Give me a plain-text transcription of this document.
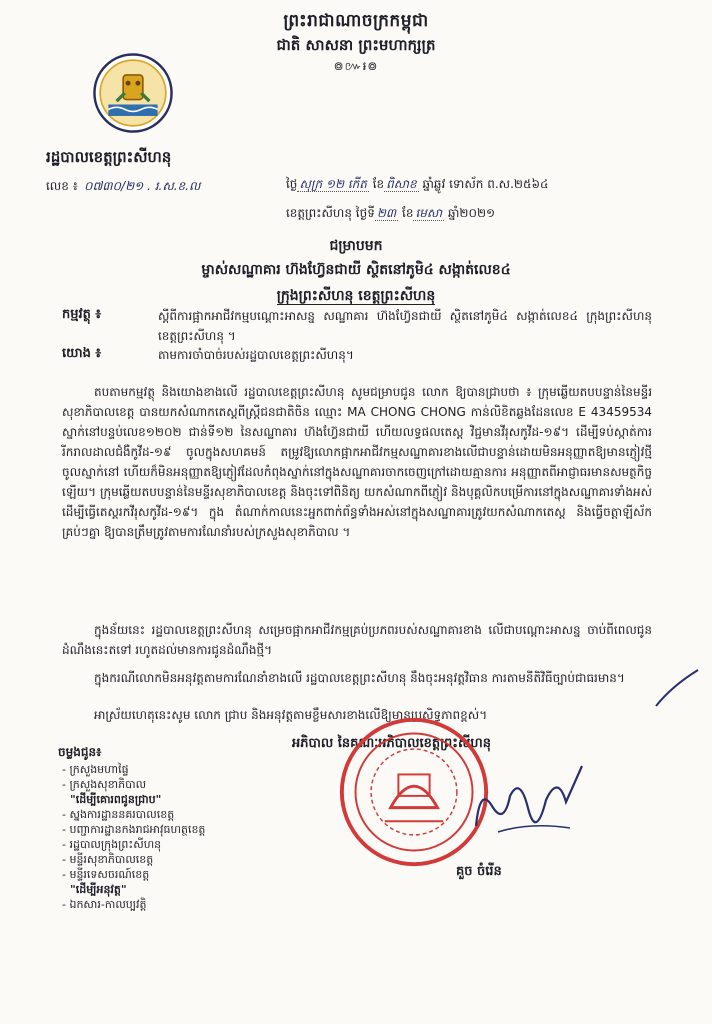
ព្រះរាជាណាចក្រកម្ពុជា
ជាតិ សាសនា ព្រះមហាក្សត្រ
៙៚៛៙
រដ្ឋបាលខេត្តព្រះសីហនុ
លេខ ៖ ០៧៣០/២១ . រ.ស.ខ.ល	ថ្ងៃ សុក្រ ១២ កើត ខែ ពិសាខ ឆ្នាំឆ្លូវ ទោស័ក ព.ស.២៥៦៤
ខេត្តព្រះសីហនុ ថ្ងៃទី ២៣ ខែ មេសា ឆ្នាំ២០២១
ជម្រាបមក
ម្ចាស់សណ្ឋាគារ ហ៊ងហ្វ៊ែនជាយី ស្ថិតនៅភូមិ៤ សង្កាត់លេខ៤
ក្រុងព្រះសីហនុ ខេត្តព្រះសីហនុ
កម្មវត្ថុ ៖	ស្តីពីការផ្អាកអាជីវកម្មបណ្តោះអាសន្ន សណ្ឋាគារ ហ៊ងហ្វ៊ែនជាយី ស្ថិតនៅភូមិ៤ សង្កាត់លេខ៤ ក្រុងព្រះសីហនុ ខេត្តព្រះសីហនុ ។
យោង ៖	តាមការចាំបាច់របស់រដ្ឋបាលខេត្តព្រះសីហនុ។
តបតាមកម្មវត្ថុ និងយោងខាងលើ រដ្ឋបាលខេត្តព្រះសីហនុ សូមជម្រាបជូន លោក ឱ្យបានជ្រាបថា ៖ ក្រុមឆ្លើយតបបន្ទាន់នៃមន្ទីរសុខាភិបាលខេត្ត បានយកសំណាកតេស្តពីស្ត្រីជនជាតិចិន ឈ្មោះ MA CHONG CHONG កាន់លិខិតឆ្លងដែនលេខ E 43459534 ស្នាក់នៅបន្ទប់លេខ១២០២ ជាន់ទី១២ នៃសណ្ឋាគារ ហ៊ងហ្វ៊ែនជាយី ហើយលទ្ធផលតេស្ត វិជ្ជមានវីរុសកូវីដ-១៩។ ដើម្បីទប់ស្កាត់ការរីករាលដាលជំងឺកូវីដ-១៩ ចូលក្នុងសហគមន៍ តម្រូវឱ្យលោកផ្អាកអាជីវកម្មសណ្ឋាគារខាងលើជាបន្ទាន់ដោយមិនអនុញ្ញាតឱ្យមានភ្ញៀវថ្មី ចូលស្នាក់នៅ ហើយក៏មិនអនុញ្ញាតឱ្យភ្ញៀវដែលកំពុងស្នាក់នៅក្នុងសណ្ឋាគារចាកចេញក្រៅដោយគ្មានការ អនុញ្ញាតពីអាជ្ញាធរមានសមត្ថកិច្ចឡើយ។ ក្រុមឆ្លើយតបបន្ទាន់នៃមន្ទីរសុខាភិបាលខេត្ត និងចុះទៅពិនិត្យ យកសំណាកពីភ្ញៀវ និងបុគ្គលិកបម្រើការនៅក្នុងសណ្ឋាគារទាំងអស់ ដើម្បីធ្វើតេស្តរកវីរុសកូវីដ-១៩។ ក្នុង តំណាក់កាលនេះអ្នកពាក់ព័ន្ធទាំងអស់នៅក្នុងសណ្ឋាគារត្រូវយកសំណាកតេស្ត និងធ្វើចត្តាឡីស័កគ្រប់ៗគ្នា ឱ្យបានត្រឹមត្រូវតាមការណែនាំរបស់ក្រសួងសុខាភិបាល ។
ក្នុងន័យនេះ រដ្ឋបាលខេត្តព្រះសីហនុ សម្រេចផ្អាកអាជីវកម្មគ្រប់ប្រភពរបស់សណ្ឋាគារខាង លើជាបណ្តោះអាសន្ន ចាប់ពីពេលជូនដំណឹងនេះតទៅ រហូតដល់មានការជូនដំណឹងថ្មី។
ក្នុងករណីលោកមិនអនុវត្តតាមការណែនាំខាងលើ រដ្ឋបាលខេត្តព្រះសីហនុ នឹងចុះអនុវត្តវិធាន ការតាមនីតិវិធីច្បាប់ជាធរមាន។
អាស្រ័យហេតុនេះសូម លោក ជ្រាប និងអនុវត្តតាមខ្លឹមសារខាងលើឱ្យមានប្រសិទ្ធភាពខ្ពស់។
អភិបាល នៃគណៈអភិបាលខេត្តព្រះសីហនុ
គួច ចំរើន
ចម្លងជូន៖
- ក្រសួងមហាផ្ទៃ
- ក្រសួងសុខាភិបាល
"ដើម្បីគោរពជូនជ្រាប"
- ស្នងការដ្ឋាននគរបាលខេត្ត
- បញ្ជាការដ្ឋានកងរាជអាវុធហត្ថខេត្ត
- រដ្ឋបាលក្រុងព្រះសីហនុ
- មន្ទីរសុខាភិបាលខេត្ត
- មន្ទីរទេសចរណ៍ខេត្ត
"ដើម្បីអនុវត្ត"
- ឯកសារ-កាលប្បវត្តិ
